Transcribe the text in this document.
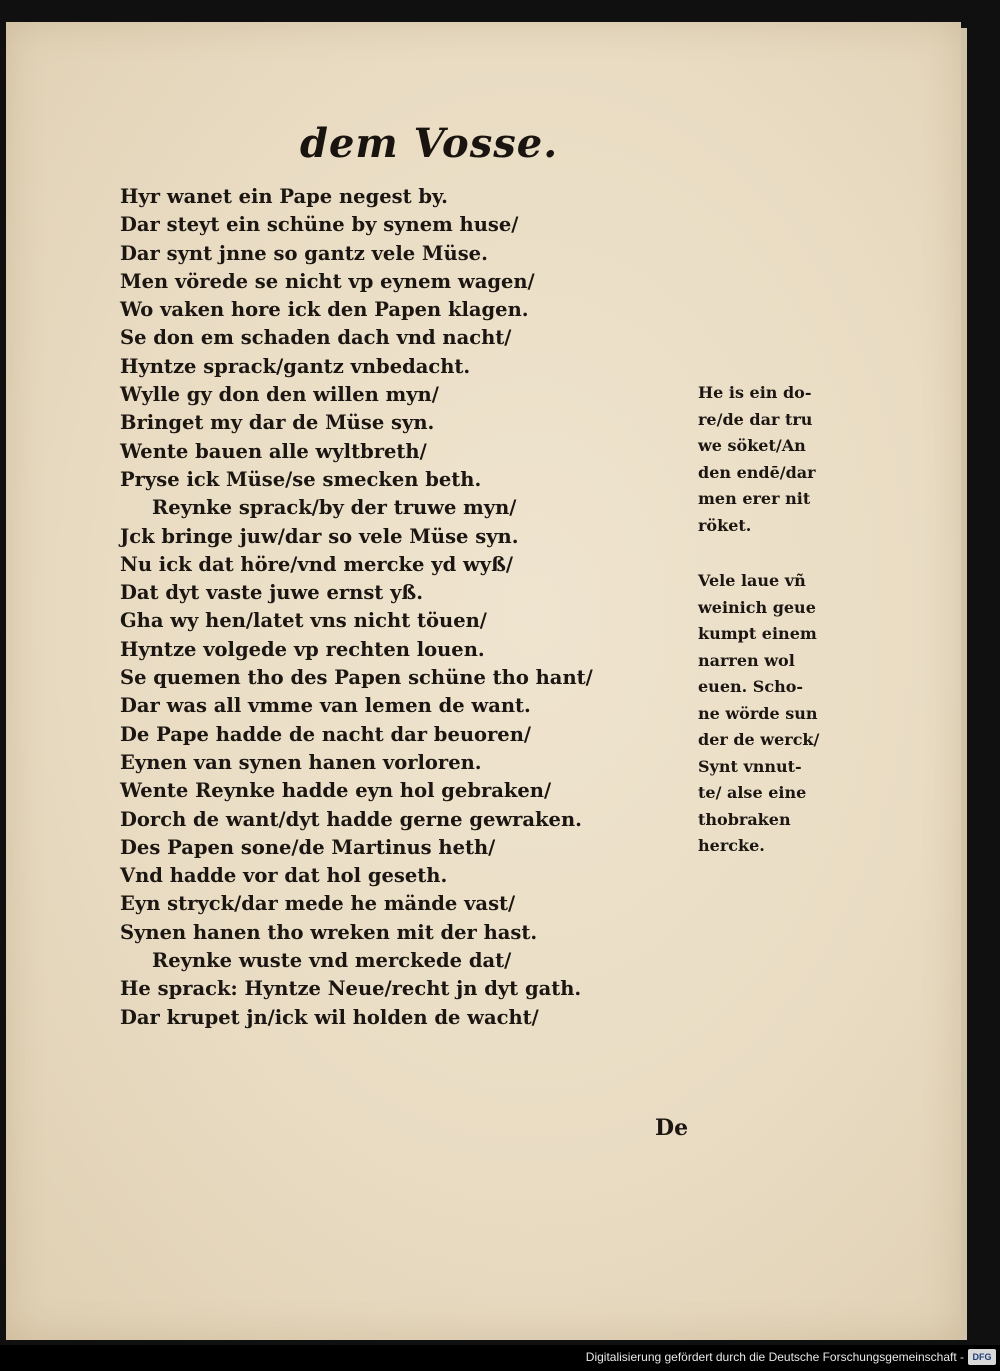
dem Vosse.
Hyr wanet ein Pape negest by.
Dar steyt ein schüne by synem huse/
Dar synt jnne so gantz vele Müse.
Men vörede se nicht vp eynem wagen/
Wo vaken hore ick den Papen klagen.
Se don em schaden dach vnd nacht/
Hyntze sprack/gantz vnbedacht.
Wylle gy don den willen myn/
Bringet my dar de Müse syn.
Wente bauen alle wyltbreth/
Pryse ick Müse/se smecken beth.
Reynke sprack/by der truwe myn/
Jck bringe juw/dar so vele Müse syn.
Nu ick dat höre/vnd mercke yd wyß/
Dat dyt vaste juwe ernst yß.
Gha wy hen/latet vns nicht töuen/
Hyntze volgede vp rechten louen.
Se quemen tho des Papen schüne tho hant/
Dar was all vmme van lemen de want.
De Pape hadde de nacht dar beuoren/
Eynen van synen hanen vorloren.
Wente Reynke hadde eyn hol gebraken/
Dorch de want/dyt hadde gerne gewraken.
Des Papen sone/de Martinus heth/
Vnd hadde vor dat hol geseth.
Eyn stryck/dar mede he mände vast/
Synen hanen tho wreken mit der hast.
Reynke wuste vnd merckede dat/
He sprack: Hyntze Neue/recht jn dyt gath.
Dar krupet jn/ick wil holden de wacht/
He is ein do-
re/de dar tru
we söket/An
den endē/dar
men erer nit
röket.
Vele laue vñ
weinich geue
kumpt einem
narren wol
euen. Scho-
ne wörde sun
der de werck/
Synt vnnut-
te/ alse eine
thobraken
hercke.
De
Digitalisierung gefördert durch die Deutsche Forschungsgemeinschaft - DFG
